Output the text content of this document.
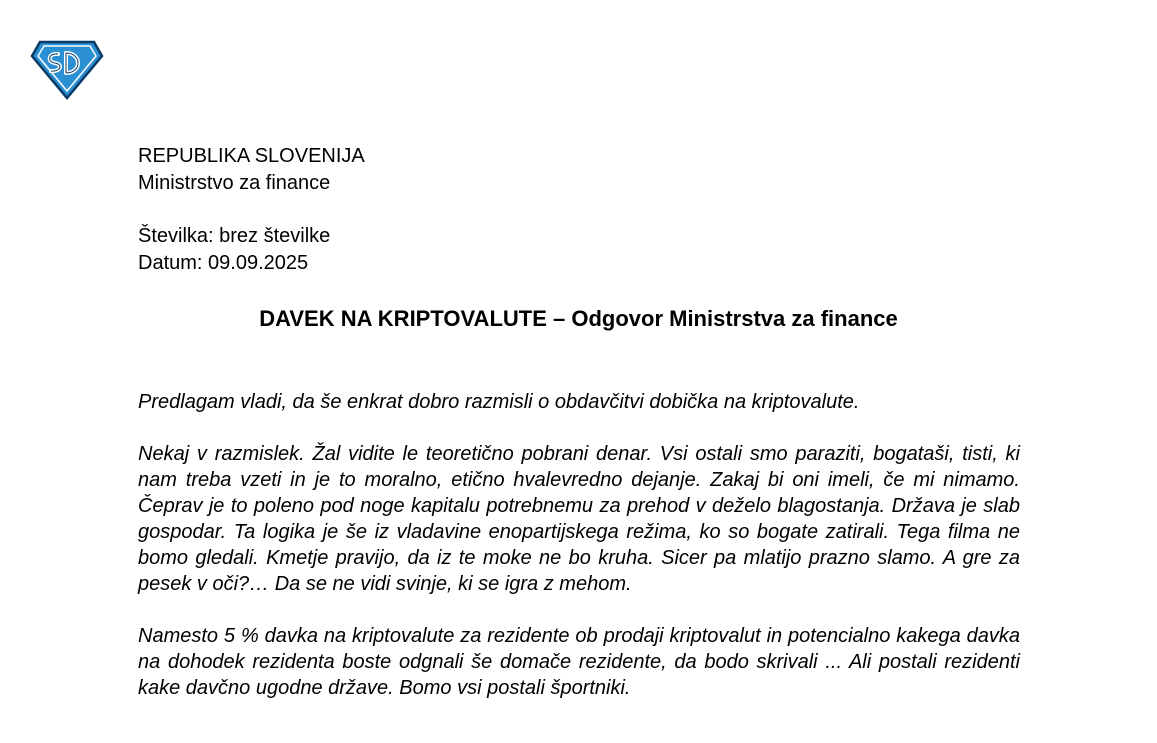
REPUBLIKA SLOVENIJA
Ministrstvo za finance
Številka: brez številke
Datum: 09.09.2025
DAVEK NA KRIPTOVALUTE – Odgovor Ministrstva za finance

Predlagam vladi, da še enkrat dobro razmisli o obdavčitvi dobička na kriptovalute.

Nekaj v razmislek. Žal vidite le teoretično pobrani denar. Vsi ostali smo paraziti, bogataši, tisti, ki nam treba vzeti in je to moralno, etično hvalevredno dejanje. Zakaj bi oni imeli, če mi nimamo. Čeprav je to poleno pod noge kapitalu potrebnemu za prehod v deželo blagostanja. Država je slab gospodar. Ta logika je še iz vladavine enopartijskega režima, ko so bogate zatirali. Tega filma ne bomo gledali. Kmetje pravijo, da iz te moke ne bo kruha. Sicer pa mlatijo prazno slamo. A gre za pesek v oči?… Da se ne vidi svinje, ki se igra z mehom.

Namesto 5 % davka na kriptovalute za rezidente ob prodaji kriptovalut in potencialno kakega davka na dohodek rezidenta boste odgnali še domače rezidente, da bodo skrivali ... Ali postali rezidenti kake davčno ugodne države. Bomo vsi postali športniki.
